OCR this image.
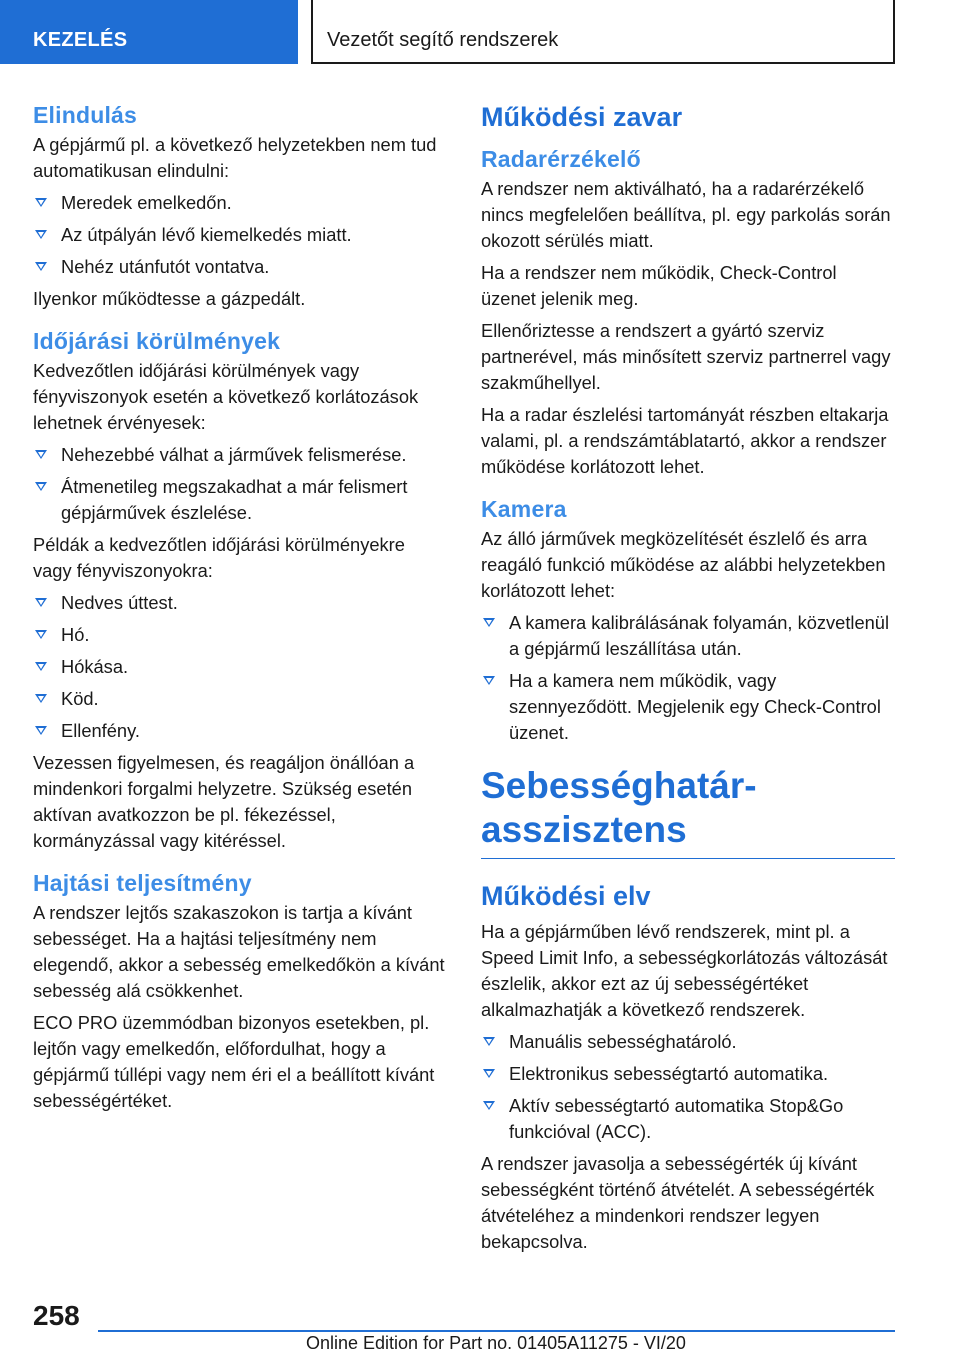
KEZELÉS	Vezetőt segítő rendszerek
Elindulás
A gépjármű pl. a következő helyzetekben nem tud automatikusan elindulni:
Meredek emelkedőn.
Az útpályán lévő kiemelkedés miatt.
Nehéz utánfutót vontatva.
Ilyenkor működtesse a gázpedált.
Időjárási körülmények
Kedvezőtlen időjárási körülmények vagy fényviszonyok esetén a következő korlátozások lehetnek érvényesek:
Nehezebbé válhat a járművek felismerése.
Átmenetileg megszakadhat a már felismert gépjárművek észlelése.
Példák a kedvezőtlen időjárási körülményekre vagy fényviszonyokra:
Nedves úttest.
Hó.
Hókása.
Köd.
Ellenfény.
Vezessen figyelmesen, és reagáljon önállóan a mindenkori forgalmi helyzetre. Szükség esetén aktívan avatkozzon be pl. fékezéssel, kormányzással vagy kitéréssel.
Hajtási teljesítmény
A rendszer lejtős szakaszokon is tartja a kívánt sebességet. Ha a hajtási teljesítmény nem elegendő, akkor a sebesség emelkedőkön a kívánt sebesség alá csökkenhet.
ECO PRO üzemmódban bizonyos esetekben, pl. lejtőn vagy emelkedőn, előfordulhat, hogy a gépjármű túllépi vagy nem éri el a beállított kívánt sebességértéket.
Működési zavar
Radarérzékelő
A rendszer nem aktiválható, ha a radarérzékelő nincs megfelelően beállítva, pl. egy parkolás során okozott sérülés miatt.
Ha a rendszer nem működik, Check-Control üzenet jelenik meg.
Ellenőriztesse a rendszert a gyártó szerviz partnerével, más minősített szerviz partnerrel vagy szakműhellyel.
Ha a radar észlelési tartományát részben eltakarja valami, pl. a rendszámtáblatartó, akkor a rendszer működése korlátozott lehet.
Kamera
Az álló járművek megközelítését észlelő és arra reagáló funkció működése az alábbi helyzetekben korlátozott lehet:
A kamera kalibrálásának folyamán, közvetlenül a gépjármű leszállítása után.
Ha a kamera nem működik, vagy szennyeződött. Megjelenik egy Check-Control üzenet.
Sebességhatár-asszisztens
Működési elv
Ha a gépjárműben lévő rendszerek, mint pl. a Speed Limit Info, a sebességkorlátozás változását észlelik, akkor ezt az új sebességértéket alkalmazhatják a következő rendszerek.
Manuális sebességhatároló.
Elektronikus sebességtartó automatika.
Aktív sebességtartó automatika Stop&Go funkcióval (ACC).
A rendszer javasolja a sebességérték új kívánt sebességként történő átvételét. A sebességérték átvételéhez a mindenkori rendszer legyen bekapcsolva.
258
Online Edition for Part no. 01405A11275 - VI/20
